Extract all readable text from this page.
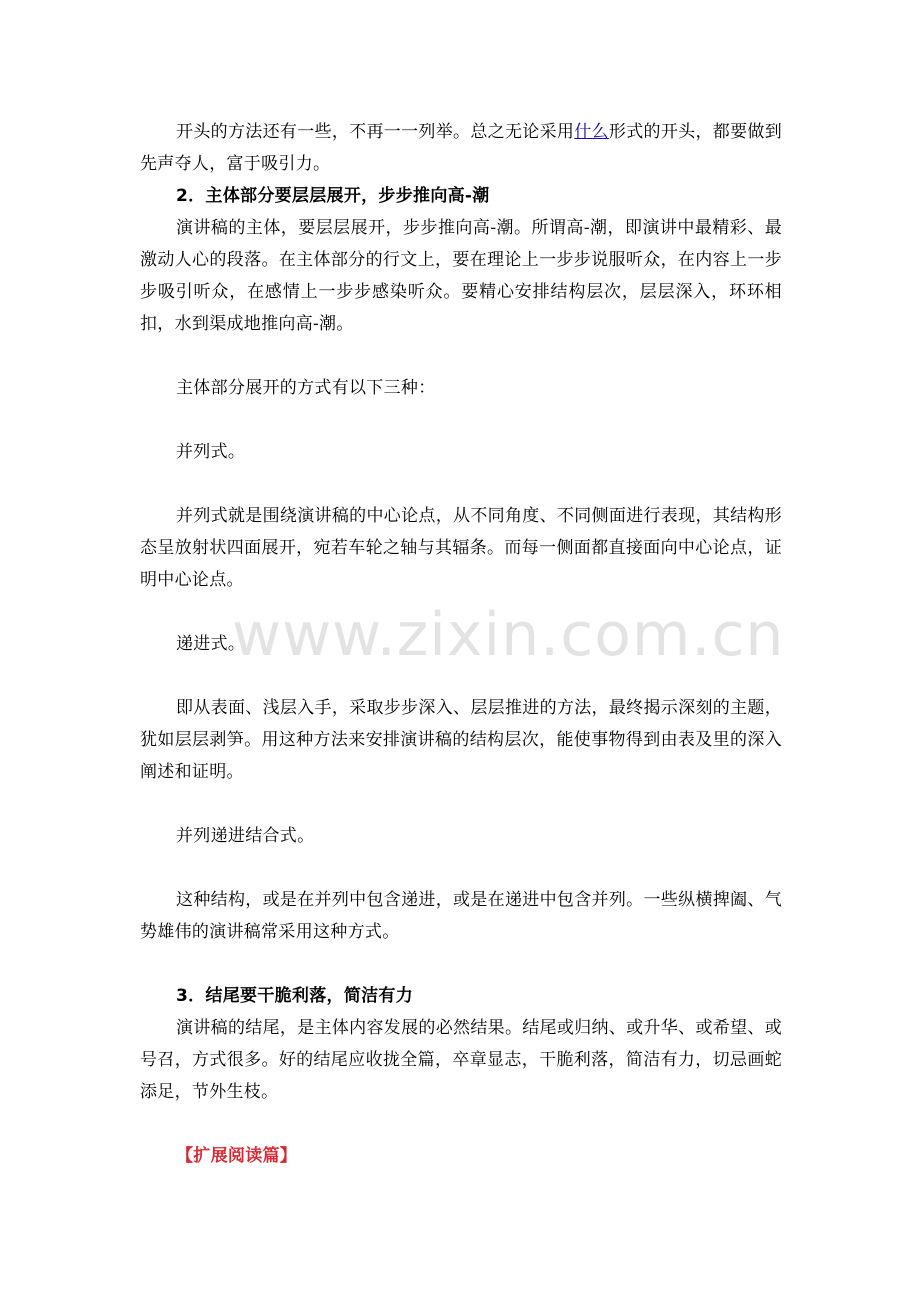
www.zixin.com.cn

开头的方法还有一些，不再一一列举。总之无论采用什么形式的开头，都要做到先声夺人，富于吸引力。

2．主体部分要层层展开，步步推向高-潮

演讲稿的主体，要层层展开，步步推向高-潮。所谓高-潮，即演讲中最精彩、最激动人心的段落。在主体部分的行文上，要在理论上一步步说服听众，在内容上一步步吸引听众，在感情上一步步感染听众。要精心安排结构层次，层层深入，环环相扣，水到渠成地推向高-潮。

主体部分展开的方式有以下三种：

并列式。

并列式就是围绕演讲稿的中心论点，从不同角度、不同侧面进行表现，其结构形态呈放射状四面展开，宛若车轮之轴与其辐条。而每一侧面都直接面向中心论点，证明中心论点。

递进式。

即从表面、浅层入手，采取步步深入、层层推进的方法，最终揭示深刻的主题，犹如层层剥笋。用这种方法来安排演讲稿的结构层次，能使事物得到由表及里的深入阐述和证明。

并列递进结合式。

这种结构，或是在并列中包含递进，或是在递进中包含并列。一些纵横捭阖、气势雄伟的演讲稿常采用这种方式。

3．结尾要干脆利落，简洁有力

演讲稿的结尾，是主体内容发展的必然结果。结尾或归纳、或升华、或希望、或号召，方式很多。好的结尾应收拢全篇，卒章显志，干脆利落，简洁有力，切忌画蛇添足，节外生枝。

【扩展阅读篇】
